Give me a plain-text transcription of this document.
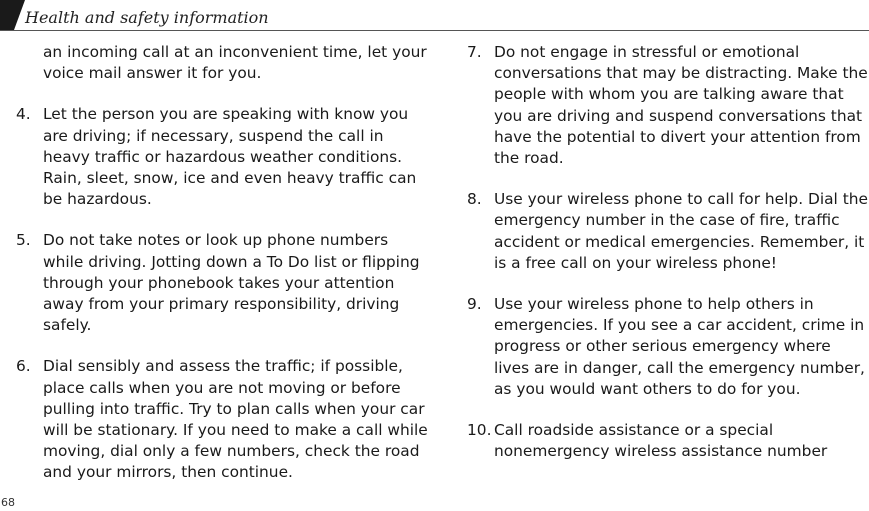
Health and safety information

an incoming call at an inconvenient time, let your voice mail answer it for you.

4. Let the person you are speaking with know you are driving; if necessary, suspend the call in heavy traffic or hazardous weather conditions. Rain, sleet, snow, ice and even heavy traffic can be hazardous.
5. Do not take notes or look up phone numbers while driving. Jotting down a To Do list or flipping through your phonebook takes your attention away from your primary responsibility, driving safely.
6. Dial sensibly and assess the traffic; if possible, place calls when you are not moving or before pulling into traffic. Try to plan calls when your car will be stationary. If you need to make a call while moving, dial only a few numbers, check the road and your mirrors, then continue.
7. Do not engage in stressful or emotional conversations that may be distracting. Make the people with whom you are talking aware that you are driving and suspend conversations that have the potential to divert your attention from the road.
8. Use your wireless phone to call for help. Dial the emergency number in the case of fire, traffic accident or medical emergencies. Remember, it is a free call on your wireless phone!
9. Use your wireless phone to help others in emergencies. If you see a car accident, crime in progress or other serious emergency where lives are in danger, call the emergency number, as you would want others to do for you.
10. Call roadside assistance or a special nonemergency wireless assistance number
68
